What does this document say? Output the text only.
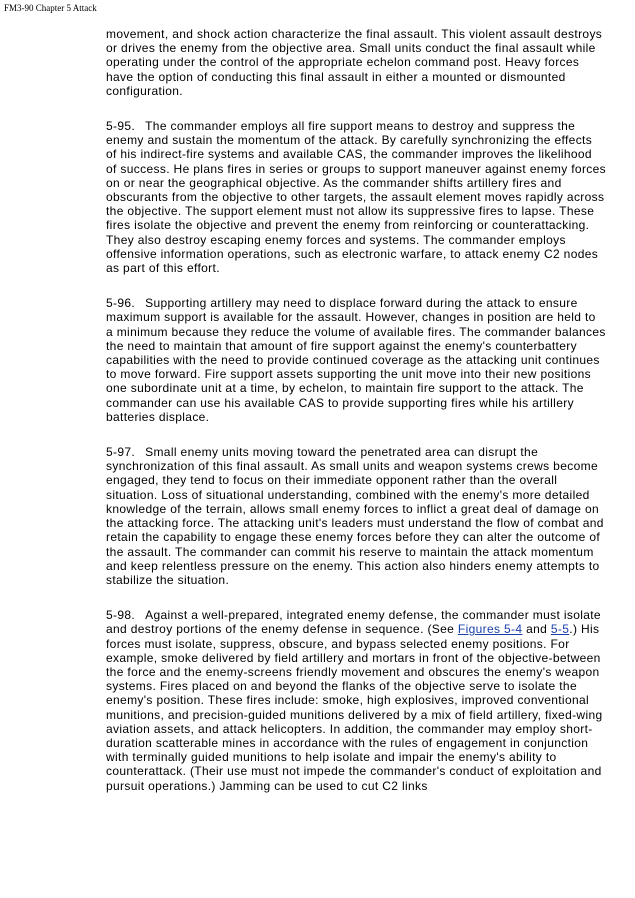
FM3-90 Chapter 5 Attack

movement, and shock action characterize the final assault. This violent assault destroys or drives the enemy from the objective area. Small units conduct the final assault while operating under the control of the appropriate echelon command post. Heavy forces have the option of conducting this final assault in either a mounted or dismounted configuration.

5-95. The commander employs all fire support means to destroy and suppress the enemy and sustain the momentum of the attack. By carefully synchronizing the effects of his indirect-fire systems and available CAS, the commander improves the likelihood of success. He plans fires in series or groups to support maneuver against enemy forces on or near the geographical objective. As the commander shifts artillery fires and obscurants from the objective to other targets, the assault element moves rapidly across the objective. The support element must not allow its suppressive fires to lapse. These fires isolate the objective and prevent the enemy from reinforcing or counterattacking. They also destroy escaping enemy forces and systems. The commander employs offensive information operations, such as electronic warfare, to attack enemy C2 nodes as part of this effort.

5-96. Supporting artillery may need to displace forward during the attack to ensure maximum support is available for the assault. However, changes in position are held to a minimum because they reduce the volume of available fires. The commander balances the need to maintain that amount of fire support against the enemy's counterbattery capabilities with the need to provide continued coverage as the attacking unit continues to move forward. Fire support assets supporting the unit move into their new positions one subordinate unit at a time, by echelon, to maintain fire support to the attack. The commander can use his available CAS to provide supporting fires while his artillery batteries displace.

5-97. Small enemy units moving toward the penetrated area can disrupt the synchronization of this final assault. As small units and weapon systems crews become engaged, they tend to focus on their immediate opponent rather than the overall situation. Loss of situational understanding, combined with the enemy's more detailed knowledge of the terrain, allows small enemy forces to inflict a great deal of damage on the attacking force. The attacking unit's leaders must understand the flow of combat and retain the capability to engage these enemy forces before they can alter the outcome of the assault. The commander can commit his reserve to maintain the attack momentum and keep relentless pressure on the enemy. This action also hinders enemy attempts to stabilize the situation.

5-98. Against a well-prepared, integrated enemy defense, the commander must isolate and destroy portions of the enemy defense in sequence. (See Figures 5-4 and 5-5.) His forces must isolate, suppress, obscure, and bypass selected enemy positions. For example, smoke delivered by field artillery and mortars in front of the objective-between the force and the enemy-screens friendly movement and obscures the enemy's weapon systems. Fires placed on and beyond the flanks of the objective serve to isolate the enemy's position. These fires include: smoke, high explosives, improved conventional munitions, and precision-guided munitions delivered by a mix of field artillery, fixed-wing aviation assets, and attack helicopters. In addition, the commander may employ short-duration scatterable mines in accordance with the rules of engagement in conjunction with terminally guided munitions to help isolate and impair the enemy's ability to counterattack. (Their use must not impede the commander's conduct of exploitation and pursuit operations.) Jamming can be used to cut C2 links
